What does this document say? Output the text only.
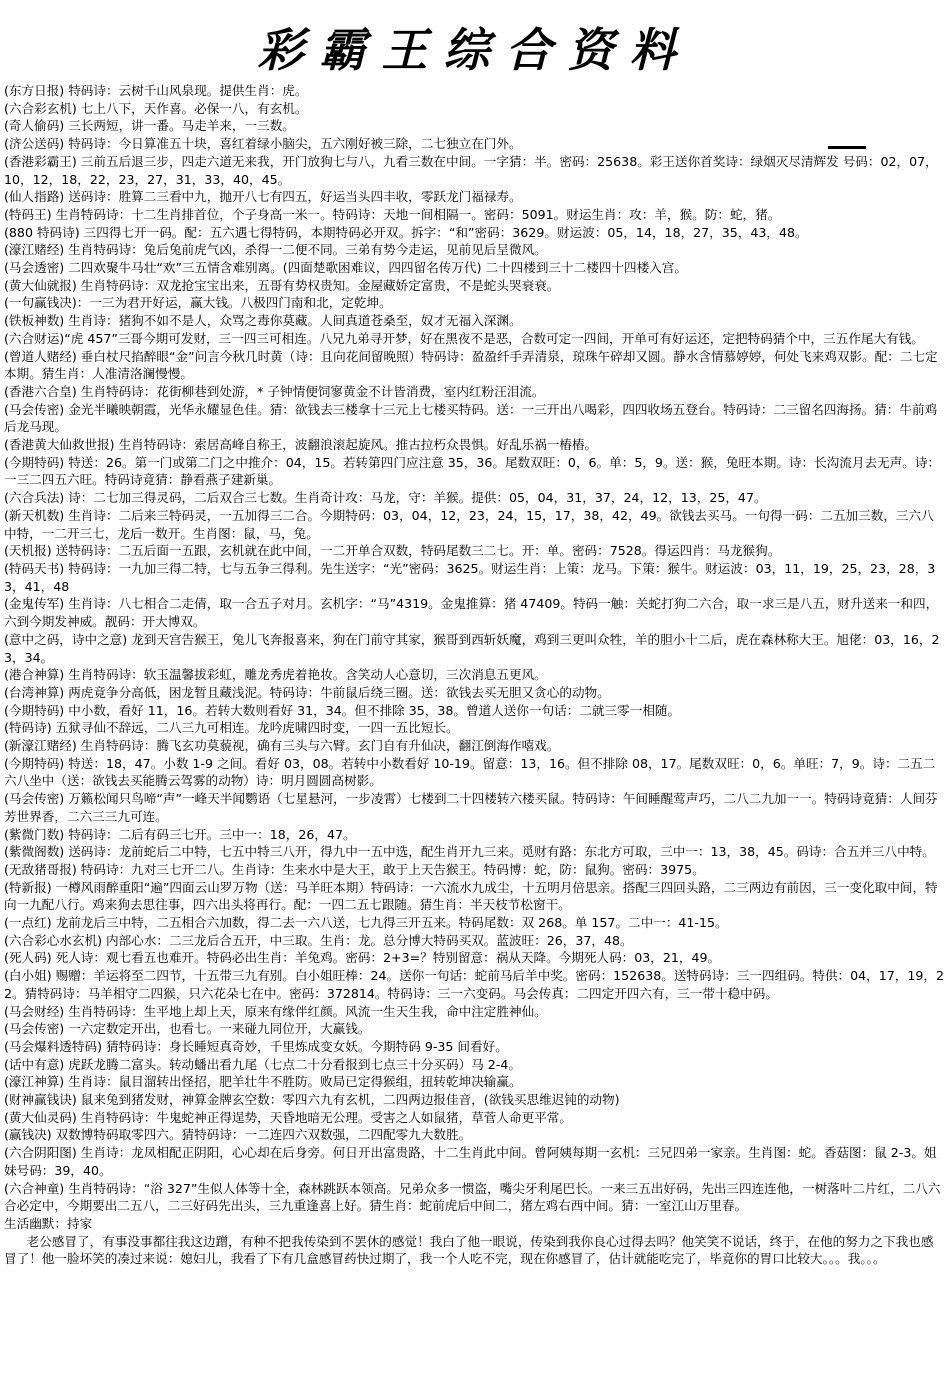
彩霸王综合资料
(东方日报) 特码诗：云树千山风泉现。提供生肖：虎。
(六合彩玄机) 七上八下，天作喜。必保一八，有玄机。
(奇人偷码) 三长两短，讲一番。马走羊来，一三数。
(济公送码) 特码诗：今日算准五十块，喜红着绿小脑尖，五六刚好被三除，二七独立在门外。
(香港彩霸王) 三前五后退三步，四走六道无来我，开门放狗七与八，九看三数在中间。一字猜：半。密码：25638。彩王送你首奖诗：绿烟灭尽清辉发 号码：02，07，10，12，18，22，23，27，31，33，40，45。
(仙人指路) 送码诗：胜算二三看中九，抛开八七有四五，好运当头四丰收，零跃龙门福禄寿。
(特码王) 生肖特码诗：十二生肖排首位，个子身高一米一。特码诗：天地一间相隔一。密码：5091。财运生肖：攻：羊，猴。防：蛇，猪。
(880 特码诗) 三四得七开一码。配：五六遇七得特码，本期特码必开双。拆字：“和”密码：3629。财运波：05，14，18，27，35，43，48。
(濠江赌经) 生肖特码诗：兔后兔前虎气凶，杀得一二便不同。三弟有势今走运，见前见后呈微风。
(马会透密) 二四欢聚牛马壮“欢”三五情含难别离。(四面楚歌困难议，四四留名传万代) 二十四楼到三十二楼四十四楼入宫。
(黄大仙就报) 生肖特码诗：双龙抢宝宝出来，五哥有势权贵知。金屋藏娇定富贵，不是蛇头哭衰衰。
(一句赢钱决)：一三为君开好运，赢大钱。八极四门南和北，定乾坤。
(铁板神数) 生肖诗：猪狗不如不是人，众骂之毒你莫藏。人间真道苍桑至，奴才无福入深渊。
(六合财运)“虎 457”三哥今期可发财，三一四三可相连。八兄九弟寻开梦，好在黑夜不是恶，合数可定一四间，开单可有好运还，定把特码猜个中，三五作尾大有钱。
(曾道人赌经) 垂白杖尺掐醉眼“金”问言今秋几时黄（诗：且向花间留晚照）特码诗：盈盈纤手弄清泉，琼珠午碎却又圆。静水含情慕婷婷，何处飞来鸡双影。配：二七定本期。猜生肖：人准清洛澜慢慢。
(香港六合皇) 生肖特码诗：花街柳巷到处游，* 子钟情便饲寥黄金不计皆消费，室内红粉汪泪流。
(马会传密) 金光半曦映朝霞，光华永耀显色佳。猜：欲钱去三楼拿十三元上七楼买特码。送：一三开出八喝彩，四四收场五登台。特码诗：二三留名四海扬。猜：牛前鸡后龙马现。
(香港黄大仙救世报) 生肖特码诗：索居高峰自称王，波翻浪滚起旋风。推古拉朽众畏惧。好乱乐祸一樁樁。
(今期特码) 特送：26。第一门或第二门之中推介：04，15。若转第四门应注意 35，36。尾数双旺：0，6。单：5，9。送：猴，兔旺本期。诗：长沟流月去无声。诗：一三二四五六旺。特码诗竟猜：静看燕子建新巢。
(六合兵法) 诗：二七加三得灵码，二后双合三七数。生肖奇计攻：马龙，守：羊猴。提供：05，04，31，37，24，12，13，25，47。
(新天机数) 生肖诗：二后来三特码灵，一五加得三二合。今期特码：03，04，12，23，24，15，17，38，42，49。欲钱去买马。一句得一码：二五加三数，三六八中特，一二开三七，龙后一数开。生肖图：鼠，马，兔。
(天机报) 送特码诗：二五后面一五跟，玄机就在此中间，一二开单合双数，特码尾数三二七。开：单。密码：7528。得运四肖：马龙猴狗。
(特码天书) 特码诗：一九加三得二特，七与五争三得利。先生送字：“光”密码：3625。财运生肖：上策：龙马。下策：猴牛。财运波：03，11，19，25，23，28，33，41，48
(金鬼传军) 生肖诗：八七相合二走倩，取一合五子对月。玄机字：“马”4319。金鬼推算：猪 47409。特码一触：关蛇打狗二六合，取一求三是八五，财升送来一和四，六到今期发神威。靓码：开大博双。
(意中之码，诗中之意) 龙到天宫告猴王，兔儿飞奔报喜来，狗在门前守其家，猴哥到西斩妖魔，鸡到三更叫众牲，羊的胆小十二后，虎在森林称大王。旭佬：03，16，23，34。
(港合神算) 生肖特码诗：软玉温馨拔彩虹，雕龙秀虎着艳妆。含笑动人心意切，三次消息五更风。
(台湾神算) 两虎竟争分高低，困龙暂且藏浅泥。特码诗：牛前鼠后绕三圈。送：欲钱去买无胆又贪心的动物。
(今期特码) 中小数，看好 11，16。若转大数则看好 31，34。但不排除 35，38。曾道人送你一句话：二就三零一相随。
(特码诗) 五狱寻仙不辞远，二八三九可相连。龙吟虎啸四时变，一四一五比短长。
(新濠江赌经) 生肖特码诗：腾飞玄功莫藐视，确有三头与六臂。玄门自有升仙决，翻江倒海作嘻戏。
(今期特码) 特送：18，47。小数 1-9 之间。看好 03，08。若转中小数看好 10-19。留意：13，16。但不排除 08，17。尾数双旺：0，6。单旺：7，9。诗：二五二六八坐中（送：欲钱去买能腾云驾雾的动物）诗：明月圆圆高树影。
(马会传密) 万籁松闻只鸟啼“声”一峰天半闻鹦语（七星悬河，一步凌霄）七楼到二十四楼转六楼买鼠。特码诗：午间睡醒莺声巧，二八二九加一一。特码诗竟猜：人间芬芳世界香，二六三三九可连。
(紫微门数) 特码诗：二后有码三七开。三中一：18，26，47。
(紫微阁数) 送码诗：龙前蛇后二中特，七五中特三八开，得九中一五中选，配生肖开九三来。觅财有路：东北方可取，三中一：13，38，45。码诗：合五并三八中特。
(无敌猪哥报) 特码诗：九对三七开二八。生肖诗：生来水中是大王，敢于上天告猴王。特码博：蛇，防：鼠狗。密码：3975。
(特新报) 一樽风雨醉重阳“遍”四面云山罗万物（送：马羊旺本期）特码诗：一六流水九成尘，十五明月倍思亲。搭配三四回头路，二三两边有前因，三一变化取中间，特向一九配八行。鸡来狗去思往事，四六出头将再行。配：一四二五七跟随。猜生肖：半天枝节松窗干。
(一点红) 龙前龙后三中特，二五相合六加数，得二去一六八送，七九得三开五来。特码尾数：双 268。单 157。二中一：41-15。
(六合彩心水玄机) 内部心水：二三龙后合五开，中三取。生肖：龙。总分博大特码买双。蓝波旺：26，37，48。
(死人码) 死人诗：观七看五也难开。特码必出生肖：羊兔鸡。密码：2+3=？特别留意：祸从天降。今期死人码：03，21，49。
(白小姐) 赐赠：羊运将至二四节，十五带三九有别。白小姐旺棒：24。送你一句话：蛇前马后羊中奖。密码：152638。送特码诗：三一四组码。特供：04，17，19，22。猜特码诗：马羊相守二四猴，只六花朵七在中。密码：372814。特码诗：三一六变码。马会传真：二四定开四六有，三一带十稳中码。
(马会财经) 生肖特码诗：生平地上却上天，原来有缘伴红颜。风流一生天生我，命中注定胜神仙。
(马会传密) 一六定数定开出，也看七。一来碰九同位开，大赢钱。
(马会爆料透特码) 猜特码诗：身长睡短真奇妙，千里炼成变女妖。今期特码 9-35 间看好。
(话中有意) 虎跃龙腾二富头。转动蟠出看九尾（七点二十分看报到七点三十分买码）马 2-4。
(濠江神算) 生肖诗：鼠目溜转出怪招，肥羊壮牛不胜防。败局已定得猴组，扭转乾坤决输赢。
(财神赢钱诀) 鼠来兔到猪发财，神算金牌玄空数：零四六九有玄机，二四两边报佳音，(欲钱买思维迟钝的动物)
(黄大仙灵码) 生肖特码诗：牛鬼蛇神正得逞势，天昏地暗无公理。受害之人如鼠猪，草菅人命更平常。
(赢钱决) 双数博特码取零四六。猜特码诗：一二连四六双数强，二四配零九大数胜。
(六合阴阳图) 生肖诗：龙凤相配正阴阳，心心却在后身旁。何日开出富贵路，十二生肖此中间。曾阿姨每期一玄机：三兄四弟一家亲。生肖图：蛇。香菇图：鼠 2-3。姐妹号码：39，40。
(六合神童) 生肖特码诗：“浴 327”生似人体等十全，森林跳跃本领高。兄弟众多一惯盗，嘴尖牙利尾巴长。一来三五出好码，先出三四连连他，一树落叶二片红，二八六合必定中，今期要出二五八，二三好码先出头，三九重逢喜上好。猜生肖：蛇前虎后中间二，猪左鸡右西中间。猜：一室江山万里春。
生活幽默：持家
老公感冒了，有事没事都往我这边蹭，有种不把我传染到不罢休的感觉！我白了他一眼说，传染到我你良心过得去吗？他笑笑不说话，终于，在他的努力之下我也感冒了！他一脸坏笑的凑过来说：媳妇儿，我看了下有几盒感冒药快过期了，我一个人吃不完，现在你感冒了，估计就能吃完了，毕竟你的胃口比较大。。。我。。。
